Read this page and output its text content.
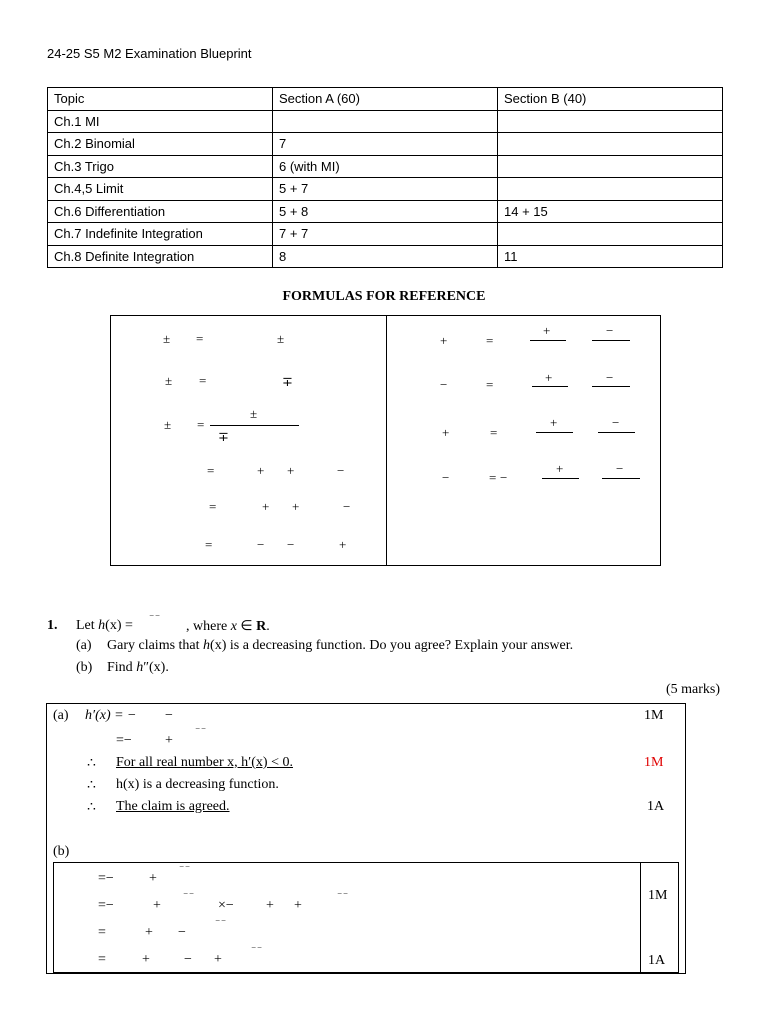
24-25 S5 M2 Examination Blueprint
Topic	Section A (60)	Section B (40)
Ch.1 MI		
Ch.2 Binomial	7	
Ch.3 Trigo	6 (with MI)	
Ch.4,5 Limit	5 + 7	
Ch.6 Differentiation	5 + 8	14 + 15
Ch.7 Indefinite Integration	7 + 7	
Ch.8 Definite Integration	8	11
FORMULAS FOR REFERENCE
± =	±
± =	∓
± =
±
∓
=	+ +	−
=	+ +	−
=	− −	+
+	=
+	−
−	=	+	−
+	=
+	−
−	= −
+	−
1. Let h(x) = ‾ ‾ , where x ∈ R.
(a) Gary claims that h(x) is a decreasing function. Do you agree? Explain your answer.
(b) Find h″(x).
(5 marks)
(a) h′(x) = − − ‾ ‾	1M
=− + ‾ ‾
∴ For all real number x, h′(x) < 0.	1M
∴ h(x) is a decreasing function.
∴ The claim is agreed.	1A
(b)
=−	+ ‾ ‾
=−	+ ‾ ‾ ×− + +	‾ ‾	1M
=	+ −	‾ ‾
=	+ − +	‾ ‾	1A
